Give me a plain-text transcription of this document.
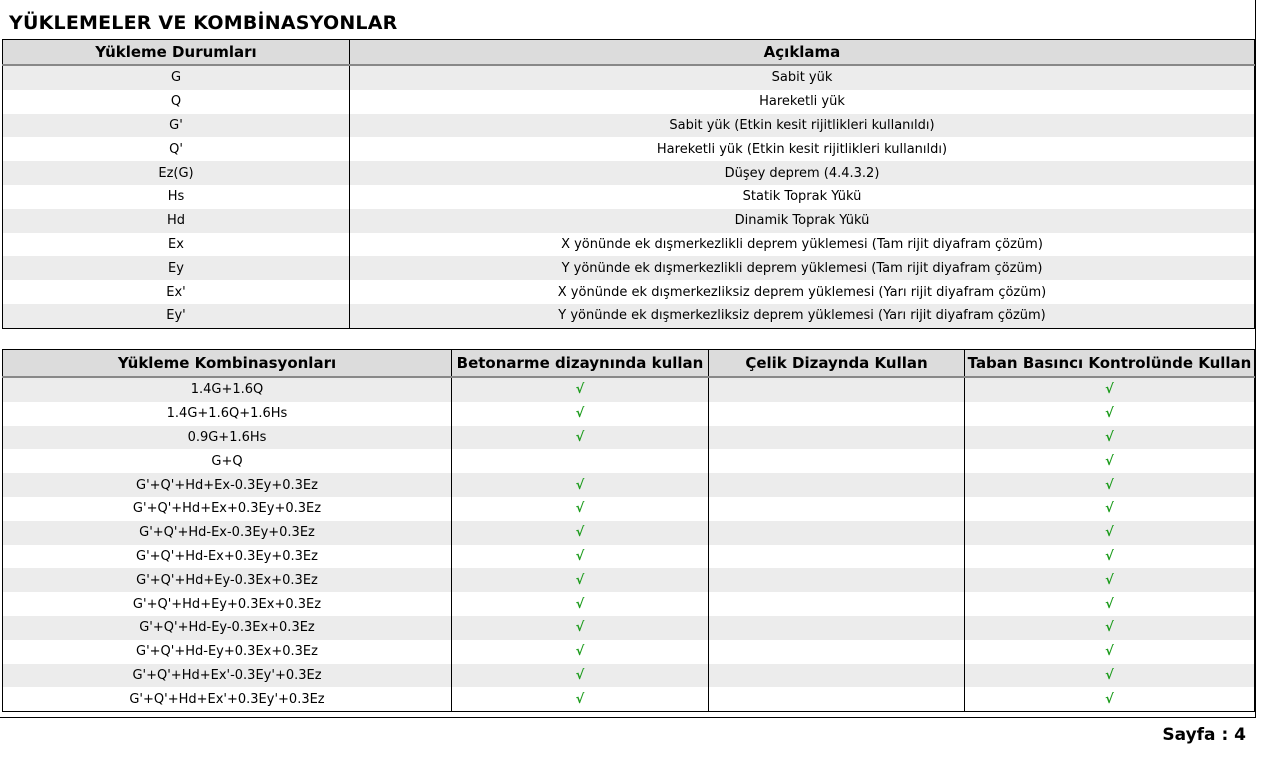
YÜKLEMELER VE KOMBİNASYONLAR
Yükleme Durumları	Açıklama
G	Sabit yük
Q	Hareketli yük
G'	Sabit yük (Etkin kesit rijitlikleri kullanıldı)
Q'	Hareketli yük (Etkin kesit rijitlikleri kullanıldı)
Ez(G)	Düşey deprem (4.4.3.2)
Hs	Statik Toprak Yükü
Hd	Dinamik Toprak Yükü
Ex	X yönünde ek dışmerkezlikli deprem yüklemesi (Tam rijit diyafram çözüm)
Ey	Y yönünde ek dışmerkezlikli deprem yüklemesi (Tam rijit diyafram çözüm)
Ex'	X yönünde ek dışmerkezliksiz deprem yüklemesi (Yarı rijit diyafram çözüm)
Ey'	Y yönünde ek dışmerkezliksiz deprem yüklemesi (Yarı rijit diyafram çözüm)
Yükleme Kombinasyonları	Betonarme dizaynında kullan	Çelik Dizaynda Kullan	Taban Basıncı Kontrolünde Kullan
1.4G+1.6Q	√		√
1.4G+1.6Q+1.6Hs	√		√
0.9G+1.6Hs	√		√
G+Q			√
G'+Q'+Hd+Ex-0.3Ey+0.3Ez	√		√
G'+Q'+Hd+Ex+0.3Ey+0.3Ez	√		√
G'+Q'+Hd-Ex-0.3Ey+0.3Ez	√		√
G'+Q'+Hd-Ex+0.3Ey+0.3Ez	√		√
G'+Q'+Hd+Ey-0.3Ex+0.3Ez	√		√
G'+Q'+Hd+Ey+0.3Ex+0.3Ez	√		√
G'+Q'+Hd-Ey-0.3Ex+0.3Ez	√		√
G'+Q'+Hd-Ey+0.3Ex+0.3Ez	√		√
G'+Q'+Hd+Ex'-0.3Ey'+0.3Ez	√		√
G'+Q'+Hd+Ex'+0.3Ey'+0.3Ez	√		√
Sayfa : 4
